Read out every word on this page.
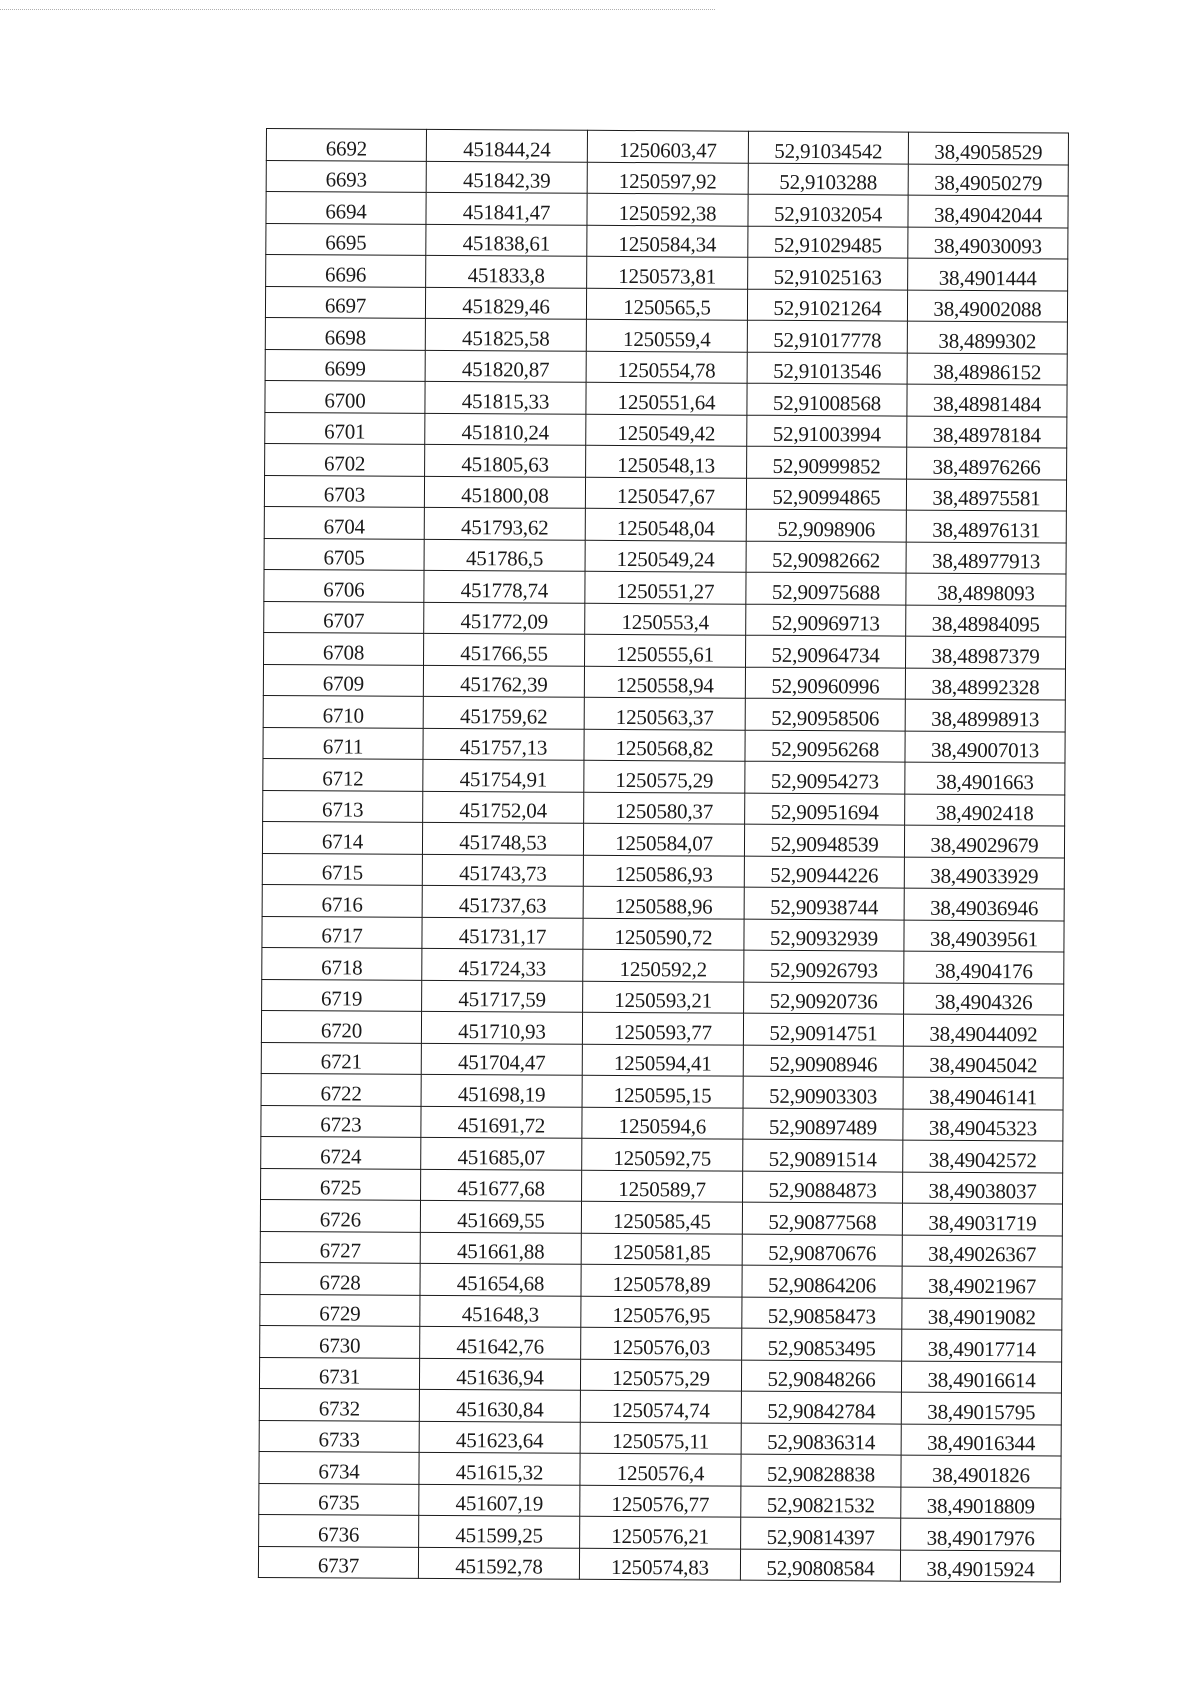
6692	451844,24	1250603,47	52,91034542	38,49058529
6693	451842,39	1250597,92	52,9103288	38,49050279
6694	451841,47	1250592,38	52,91032054	38,49042044
6695	451838,61	1250584,34	52,91029485	38,49030093
6696	451833,8	1250573,81	52,91025163	38,4901444
6697	451829,46	1250565,5	52,91021264	38,49002088
6698	451825,58	1250559,4	52,91017778	38,4899302
6699	451820,87	1250554,78	52,91013546	38,48986152
6700	451815,33	1250551,64	52,91008568	38,48981484
6701	451810,24	1250549,42	52,91003994	38,48978184
6702	451805,63	1250548,13	52,90999852	38,48976266
6703	451800,08	1250547,67	52,90994865	38,48975581
6704	451793,62	1250548,04	52,9098906	38,48976131
6705	451786,5	1250549,24	52,90982662	38,48977913
6706	451778,74	1250551,27	52,90975688	38,4898093
6707	451772,09	1250553,4	52,90969713	38,48984095
6708	451766,55	1250555,61	52,90964734	38,48987379
6709	451762,39	1250558,94	52,90960996	38,48992328
6710	451759,62	1250563,37	52,90958506	38,48998913
6711	451757,13	1250568,82	52,90956268	38,49007013
6712	451754,91	1250575,29	52,90954273	38,4901663
6713	451752,04	1250580,37	52,90951694	38,4902418
6714	451748,53	1250584,07	52,90948539	38,49029679
6715	451743,73	1250586,93	52,90944226	38,49033929
6716	451737,63	1250588,96	52,90938744	38,49036946
6717	451731,17	1250590,72	52,90932939	38,49039561
6718	451724,33	1250592,2	52,90926793	38,4904176
6719	451717,59	1250593,21	52,90920736	38,4904326
6720	451710,93	1250593,77	52,90914751	38,49044092
6721	451704,47	1250594,41	52,90908946	38,49045042
6722	451698,19	1250595,15	52,90903303	38,49046141
6723	451691,72	1250594,6	52,90897489	38,49045323
6724	451685,07	1250592,75	52,90891514	38,49042572
6725	451677,68	1250589,7	52,90884873	38,49038037
6726	451669,55	1250585,45	52,90877568	38,49031719
6727	451661,88	1250581,85	52,90870676	38,49026367
6728	451654,68	1250578,89	52,90864206	38,49021967
6729	451648,3	1250576,95	52,90858473	38,49019082
6730	451642,76	1250576,03	52,90853495	38,49017714
6731	451636,94	1250575,29	52,90848266	38,49016614
6732	451630,84	1250574,74	52,90842784	38,49015795
6733	451623,64	1250575,11	52,90836314	38,49016344
6734	451615,32	1250576,4	52,90828838	38,4901826
6735	451607,19	1250576,77	52,90821532	38,49018809
6736	451599,25	1250576,21	52,90814397	38,49017976
6737	451592,78	1250574,83	52,90808584	38,49015924
